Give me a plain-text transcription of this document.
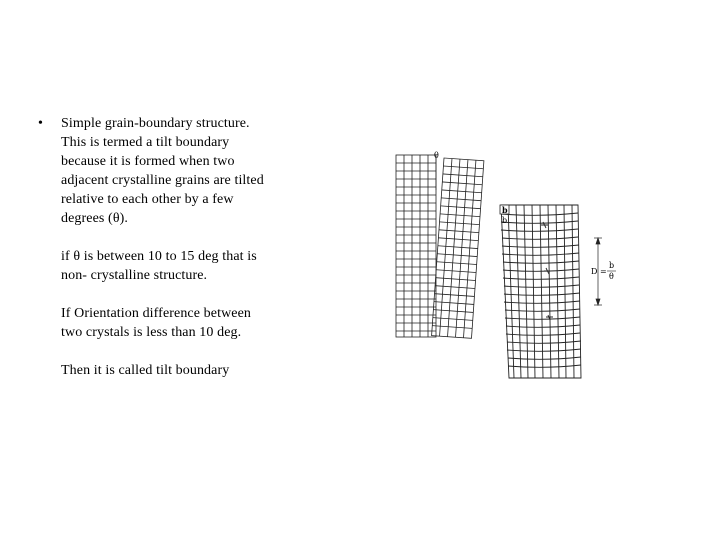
• Simple grain-boundary structure.
This is termed a tilt boundary
because it is formed when two
adjacent crystalline grains are tilted
relative to each other by a few
degrees (θ).

if θ is between 10 to 15 deg that is
non- crystalline structure.

If Orientation difference between
two crystals is less than 10 deg.

Then it is called tilt boundary

θ
b
b
D =
b
θ
